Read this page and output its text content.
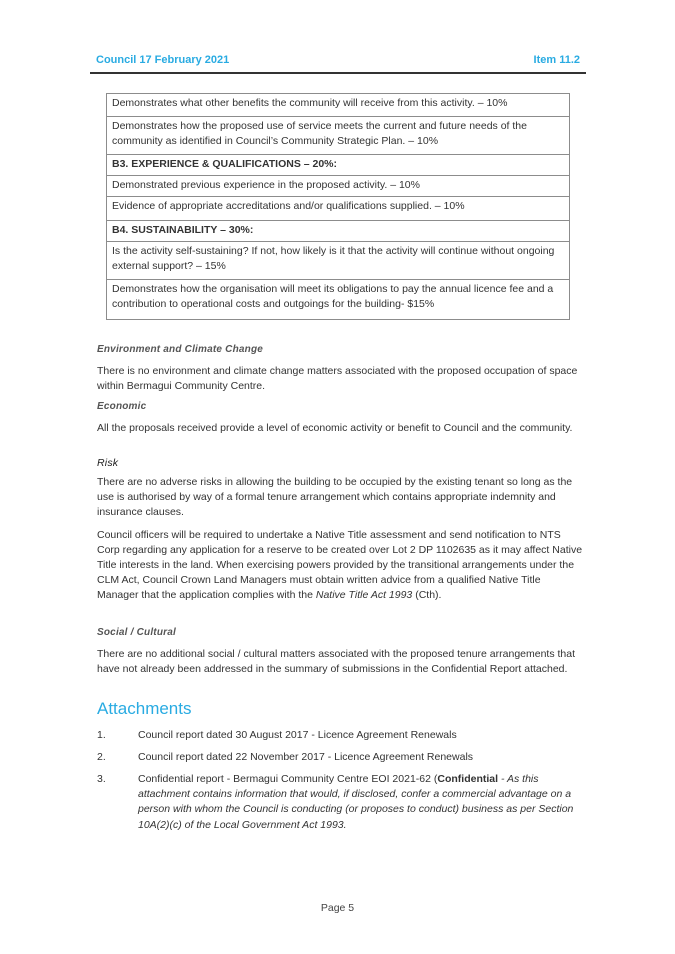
Council 17 February 2021	Item 11.2
Demonstrates what other benefits the community will receive from this activity. – 10%
Demonstrates how the proposed use of service meets the current and future needs of the community as identified in Council’s Community Strategic Plan. – 10%
B3. EXPERIENCE & QUALIFICATIONS – 20%:
Demonstrated previous experience in the proposed activity. – 10%
Evidence of appropriate accreditations and/or qualifications supplied. – 10%
B4. SUSTAINABILITY – 30%:
Is the activity self-sustaining? If not, how likely is it that the activity will continue without ongoing external support? – 15%
Demonstrates how the organisation will meet its obligations to pay the annual licence fee and a contribution to operational costs and outgoings for the building- $15%
Environment and Climate Change

There is no environment and climate change matters associated with the proposed occupation of space within Bermagui Community Centre.

Economic

All the proposals received provide a level of economic activity or benefit to Council and the community.

Risk

There are no adverse risks in allowing the building to be occupied by the existing tenant so long as the use is authorised by way of a formal tenure arrangement which contains appropriate indemnity and insurance clauses.

Council officers will be required to undertake a Native Title assessment and send notification to NTS Corp regarding any application for a reserve to be created over Lot 2 DP 1102635 as it may affect Native Title interests in the land. When exercising powers provided by the transitional arrangements under the CLM Act, Council Crown Land Managers must obtain written advice from a qualified Native Title Manager that the application complies with the Native Title Act 1993 (Cth).

Social / Cultural

There are no additional social / cultural matters associated with the proposed tenure arrangements that have not already been addressed in the summary of submissions in the Confidential Report attached.

Attachments
1.	Council report dated 30 August 2017 - Licence Agreement Renewals
2.	Council report dated 22 November 2017 - Licence Agreement Renewals
3.	Confidential report - Bermagui Community Centre EOI 2021-62 (Confidential - As this attachment contains information that would, if disclosed, confer a commercial advantage on a person with whom the Council is conducting (or proposes to conduct) business as per Section 10A(2)(c) of the Local Government Act 1993.
Page 5
